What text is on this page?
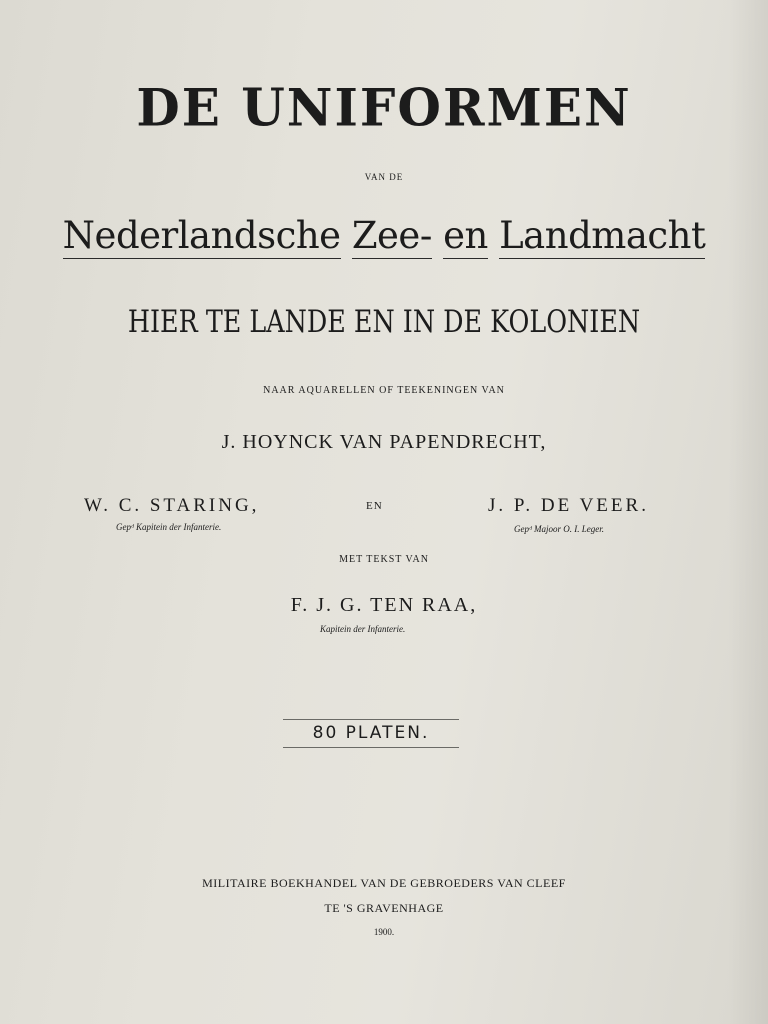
DE UNIFORMEN
VAN DE
Nederlandsche Zee- en Landmacht
HIER TE LANDE EN IN DE KOLONIEN
NAAR AQUARELLEN OF TEEKENINGEN VAN
J. HOYNCK VAN PAPENDRECHT,
W. C. STARING,	EN	J. P. DE VEER.
Gepᵈ Kapitein der Infanterie.	Gepᵈ Majoor O. I. Leger.
MET TEKST VAN
F. J. G. TEN RAA,
Kapitein der Infanterie.
80 PLATEN.
MILITAIRE BOEKHANDEL VAN DE GEBROEDERS VAN CLEEF
TE 'S GRAVENHAGE
1900.
